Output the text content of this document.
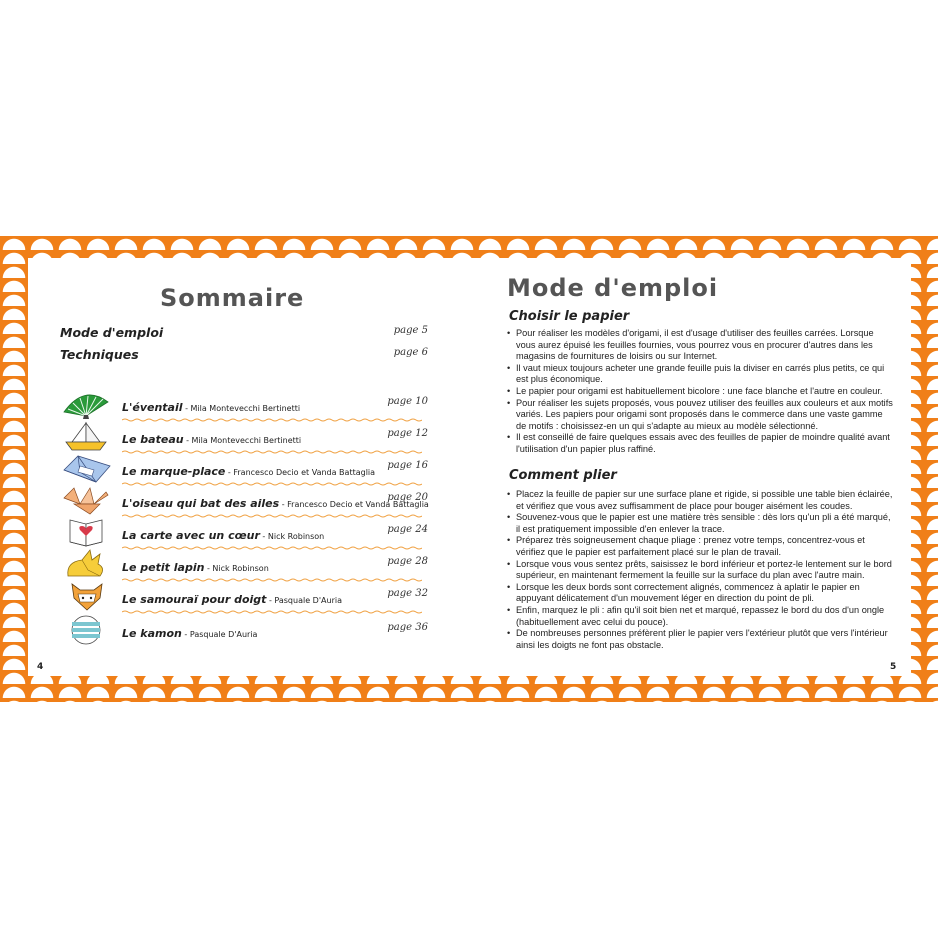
Sommaire
Mode d'emploi	page 5
Techniques	page 6
L'éventail - Mila Montevecchi Bertinetti
page 10
Le bateau - Mila Montevecchi Bertinetti
page 12
Le marque-place - Francesco Decio et Vanda Battaglia
page 16
L'oiseau qui bat des ailes - Francesco Decio et Vanda Battaglia
page 20
La carte avec un cœur - Nick Robinson
page 24
Le petit lapin - Nick Robinson
page 28
Le samouraï pour doigt - Pasquale D'Auria
page 32
Le kamon - Pasquale D'Auria
page 36
4
Mode d'emploi
Choisir le papier
• Pour réaliser les modèles d'origami, il est d'usage d'utiliser des feuilles carrées. Lorsque vous aurez épuisé les feuilles fournies, vous pourrez vous en procurer d'autres dans les magasins de fournitures de loisirs ou sur Internet.
• Il vaut mieux toujours acheter une grande feuille puis la diviser en carrés plus petits, ce qui est plus économique.
• Le papier pour origami est habituellement bicolore : une face blanche et l'autre en couleur.
• Pour réaliser les sujets proposés, vous pouvez utiliser des feuilles aux couleurs et aux motifs variés. Les papiers pour origami sont proposés dans le commerce dans une vaste gamme de motifs : choisissez-en un qui s'adapte au mieux au modèle sélectionné.
• Il est conseillé de faire quelques essais avec des feuilles de papier de moindre qualité avant l'utilisation d'un papier plus raffiné.
Comment plier
• Placez la feuille de papier sur une surface plane et rigide, si possible une table bien éclairée, et vérifiez que vous avez suffisamment de place pour bouger aisément les coudes.
• Souvenez-vous que le papier est une matière très sensible : dès lors qu'un pli a été marqué, il est pratiquement impossible d'en enlever la trace.
• Préparez très soigneusement chaque pliage : prenez votre temps, concentrez-vous et vérifiez que le papier est parfaitement placé sur le plan de travail.
• Lorsque vous vous sentez prêts, saisissez le bord inférieur et portez-le lentement sur le bord supérieur, en maintenant fermement la feuille sur la surface du plan avec l'autre main.
• Lorsque les deux bords sont correctement alignés, commencez à aplatir le papier en appuyant délicatement d'un mouvement léger en direction du point de pli.
• Enfin, marquez le pli : afin qu'il soit bien net et marqué, repassez le bord du dos d'un ongle (habituellement avec celui du pouce).
• De nombreuses personnes préfèrent plier le papier vers l'extérieur plutôt que vers l'intérieur ainsi les doigts ne font pas obstacle.
5
